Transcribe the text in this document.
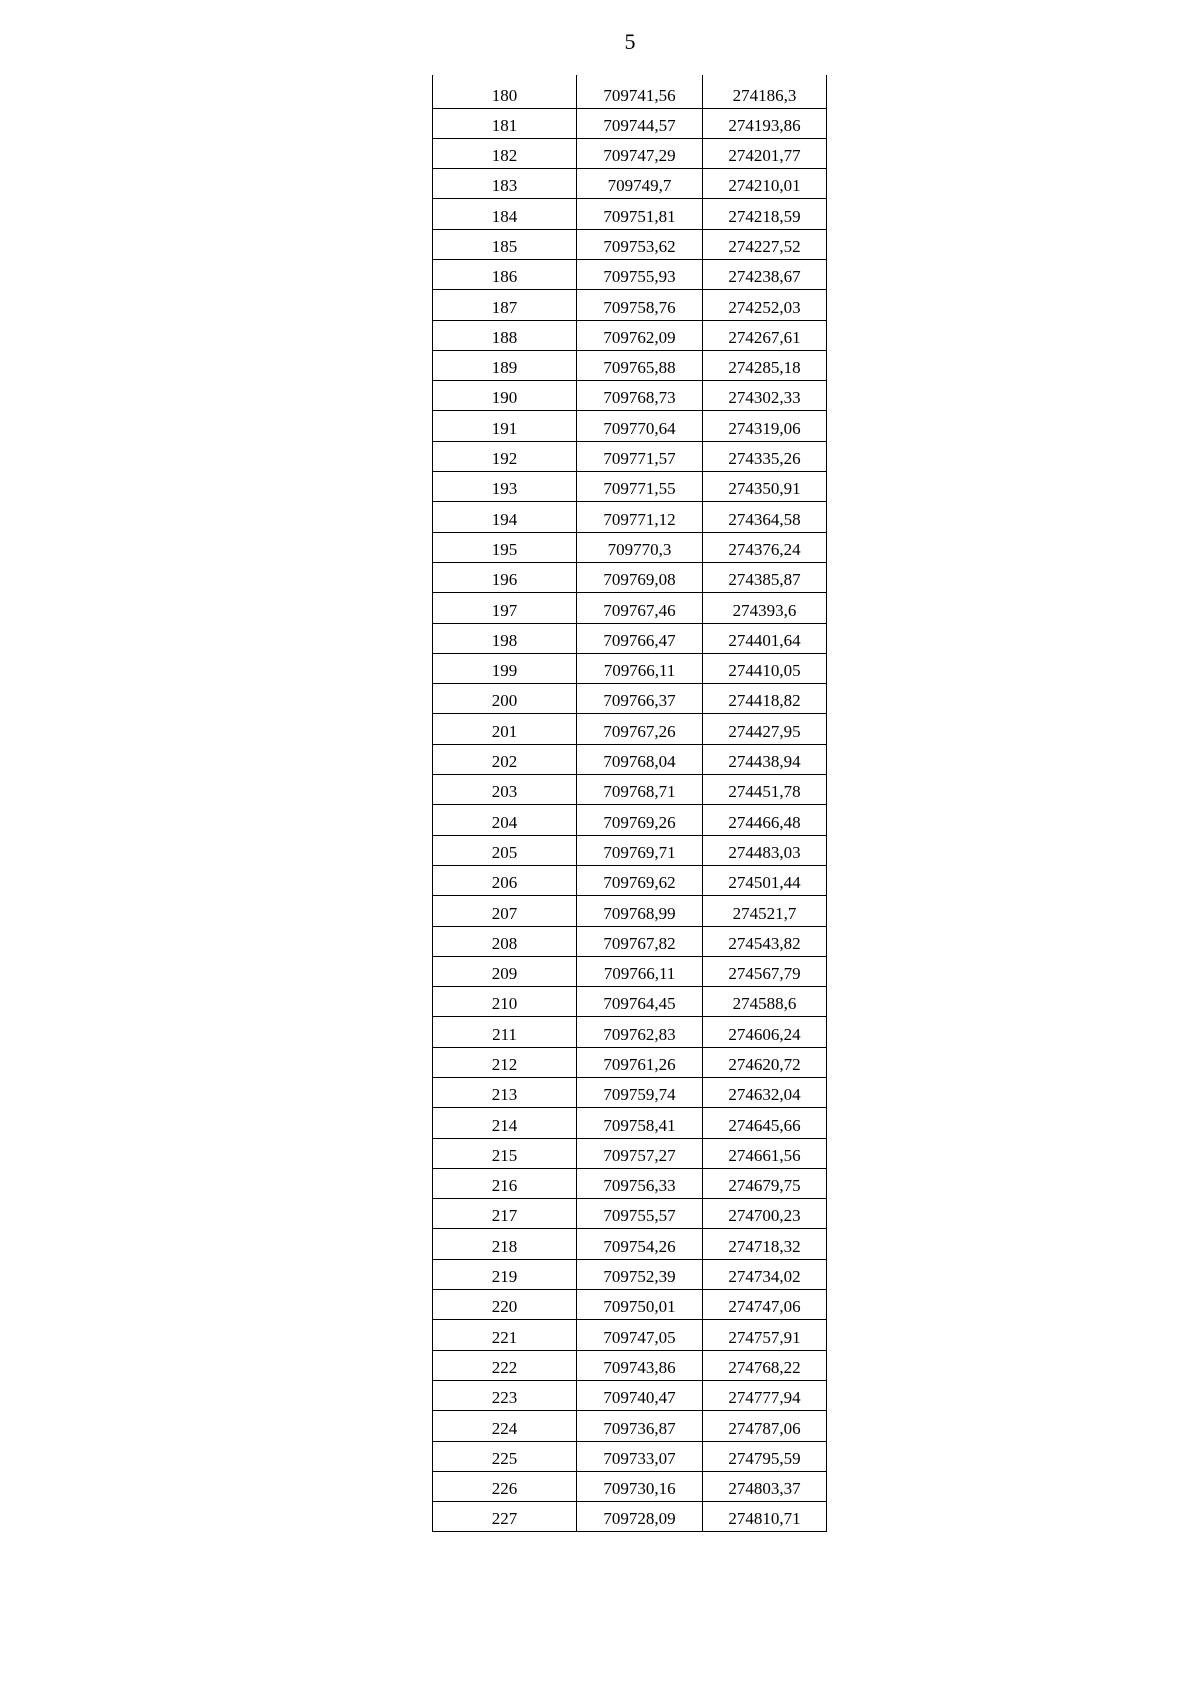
5
180	709741,56	274186,3
181	709744,57	274193,86
182	709747,29	274201,77
183	709749,7	274210,01
184	709751,81	274218,59
185	709753,62	274227,52
186	709755,93	274238,67
187	709758,76	274252,03
188	709762,09	274267,61
189	709765,88	274285,18
190	709768,73	274302,33
191	709770,64	274319,06
192	709771,57	274335,26
193	709771,55	274350,91
194	709771,12	274364,58
195	709770,3	274376,24
196	709769,08	274385,87
197	709767,46	274393,6
198	709766,47	274401,64
199	709766,11	274410,05
200	709766,37	274418,82
201	709767,26	274427,95
202	709768,04	274438,94
203	709768,71	274451,78
204	709769,26	274466,48
205	709769,71	274483,03
206	709769,62	274501,44
207	709768,99	274521,7
208	709767,82	274543,82
209	709766,11	274567,79
210	709764,45	274588,6
211	709762,83	274606,24
212	709761,26	274620,72
213	709759,74	274632,04
214	709758,41	274645,66
215	709757,27	274661,56
216	709756,33	274679,75
217	709755,57	274700,23
218	709754,26	274718,32
219	709752,39	274734,02
220	709750,01	274747,06
221	709747,05	274757,91
222	709743,86	274768,22
223	709740,47	274777,94
224	709736,87	274787,06
225	709733,07	274795,59
226	709730,16	274803,37
227	709728,09	274810,71
